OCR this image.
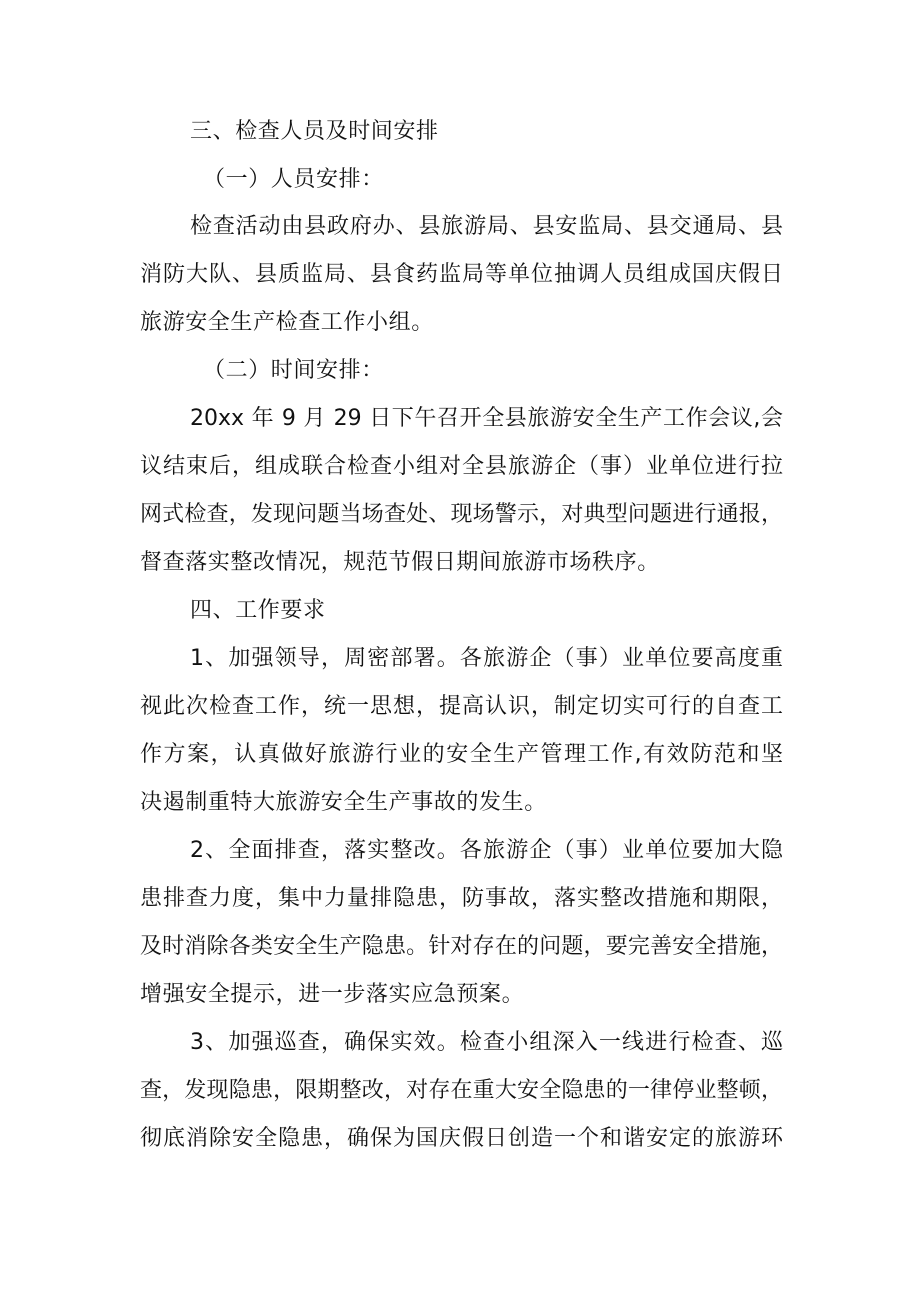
三、检查人员及时间安排
（一）人员安排：
检查活动由县政府办、县旅游局、县安监局、县交通局、县
消防大队、县质监局、县食药监局等单位抽调人员组成国庆假日
旅游安全生产检查工作小组。
（二）时间安排：
20xx 年 9 月 29 日下午召开全县旅游安全生产工作会议,会
议结束后，组成联合检查小组对全县旅游企（事）业单位进行拉
网式检查，发现问题当场查处、现场警示，对典型问题进行通报，
督查落实整改情况，规范节假日期间旅游市场秩序。
四、工作要求
1、加强领导，周密部署。各旅游企（事）业单位要高度重
视此次检查工作，统一思想，提高认识，制定切实可行的自查工
作方案，认真做好旅游行业的安全生产管理工作,有效防范和坚
决遏制重特大旅游安全生产事故的发生。
2、全面排查，落实整改。各旅游企（事）业单位要加大隐
患排查力度，集中力量排隐患，防事故，落实整改措施和期限，
及时消除各类安全生产隐患。针对存在的问题，要完善安全措施，
增强安全提示，进一步落实应急预案。
3、加强巡查，确保实效。检查小组深入一线进行检查、巡
查，发现隐患，限期整改，对存在重大安全隐患的一律停业整顿，
彻底消除安全隐患，确保为国庆假日创造一个和谐安定的旅游环
